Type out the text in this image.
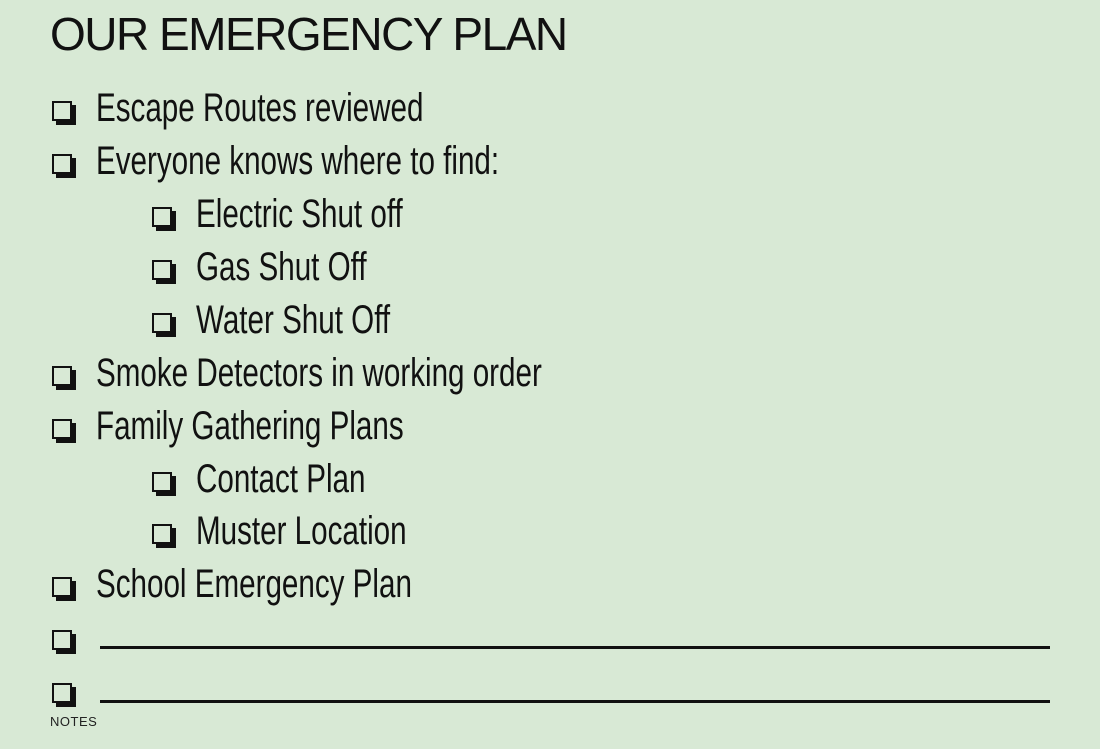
OUR EMERGENCY PLAN
Escape Routes reviewed
Everyone knows where to find:
Electric Shut off
Gas Shut Off
Water Shut Off
Smoke Detectors in working order
Family Gathering Plans
Contact Plan
Muster Location
School Emergency Plan
NOTES
